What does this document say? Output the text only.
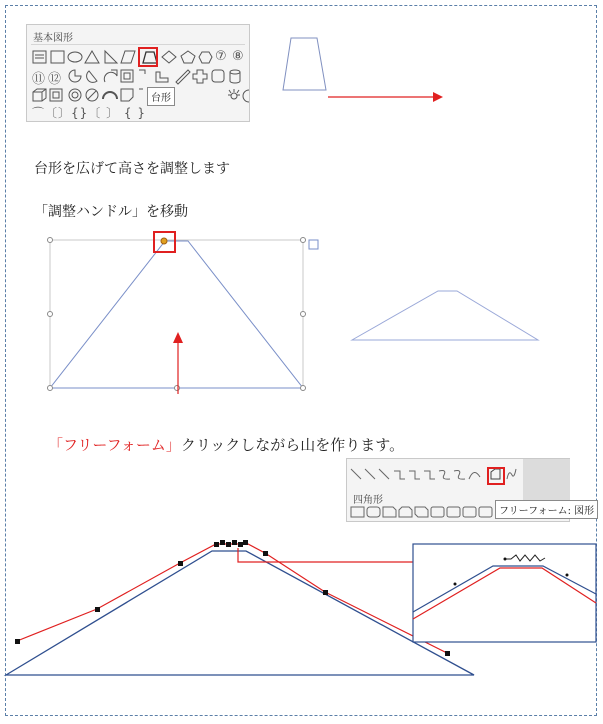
基本図形
⑦ ⑧
⑪ ⑫
⌒〔〕{}〔 〕 { }
台形
台形を広げて高さを調整します
「調整ハンドル」を移動
「フリーフォーム」クリックしながら山を作ります。
四角形
フリーフォーム: 図形
